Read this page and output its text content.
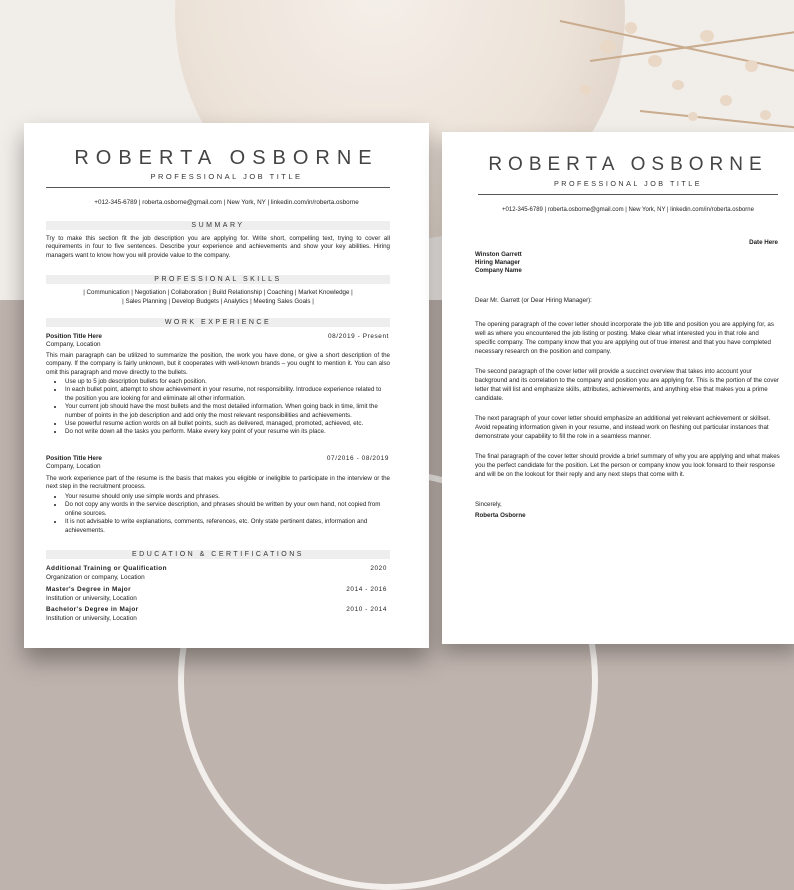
ROBERTA OSBORNE
PROFESSIONAL JOB TITLE
+012-345-6789 | roberta.osborne@gmail.com | New York, NY | linkedin.com/in/roberta.osborne
SUMMARY
Try to make this section fit the job description you are applying for. Write short, compelling text, trying to cover all requirements in four to five sentences. Describe your experience and achievements and show your key abilities. Hiring managers want to know how you will provide value to the company.
PROFESSIONAL SKILLS
| Communication | Negotiation | Collaboration | Build Relationship | Coaching | Market Knowledge |
| Sales Planning | Develop Budgets | Analytics | Meeting Sales Goals |
WORK EXPERIENCE
Position Title Here	08/2019 - Present
Company, Location
This main paragraph can be utilized to summarize the position, the work you have done, or give a short description of the company. If the company is fairly unknown, but it cooperates with well-known brands – you ought to mention it. You can also omit this paragraph and move directly to the bullets.
• Use up to 5 job description bullets for each position.
• In each bullet point, attempt to show achievement in your resume, not responsibility. Introduce experience related to the position you are looking for and eliminate all other information.
• Your current job should have the most bullets and the most detailed information. When going back in time, limit the number of points in the job description and add only the most relevant responsibilities and achievements.
• Use powerful resume action words on all bullet points, such as delivered, managed, promoted, achieved, etc.
• Do not write down all the tasks you perform. Make every key point of your resume win its place.
Position Title Here	07/2016 - 08/2019
Company, Location
The work experience part of the resume is the basis that makes you eligible or ineligible to participate in the interview or the next step in the recruitment process.
• Your resume should only use simple words and phrases.
• Do not copy any words in the service description, and phrases should be written by your own hand, not copied from online sources.
• It is not advisable to write explanations, comments, references, etc. Only state pertinent dates, information and achievements.
EDUCATION & CERTIFICATIONS
Additional Training or Qualification	2020
Organization or company, Location
Master's Degree in Major	2014 - 2016
Institution or university, Location
Bachelor's Degree in Major	2010 - 2014
Institution or university, Location
ROBERTA OSBORNE
PROFESSIONAL JOB TITLE
+012-345-6789 | roberta.osborne@gmail.com | New York, NY | linkedin.com/in/roberta.osborne
Date Here
Winston Garrett
Hiring Manager
Company Name
Dear Mr. Garrett (or Dear Hiring Manager):
The opening paragraph of the cover letter should incorporate the job title and position you are applying for, as well as where you encountered the job listing or posting. Make clear what interested you in that role and specific company. The company know that you are applying out of true interest and that you have completed necessary research on the position and company.
The second paragraph of the cover letter will provide a succinct overview that takes into account your background and its correlation to the company and position you are applying for. This is the portion of the cover letter that will list and emphasize skills, attributes, achievements, and anything else that makes you a prime candidate.
The next paragraph of your cover letter should emphasize an additional yet relevant achievement or skillset. Avoid repeating information given in your resume, and instead work on fleshing out particular instances that demonstrate your capability to fill the role in a seamless manner.
The final paragraph of the cover letter should provide a brief summary of why you are applying and what makes you the perfect candidate for the position. Let the person or company know you look forward to their response and will be on the lookout for their reply and any next steps that come with it.
Sincerely,
Roberta Osborne
